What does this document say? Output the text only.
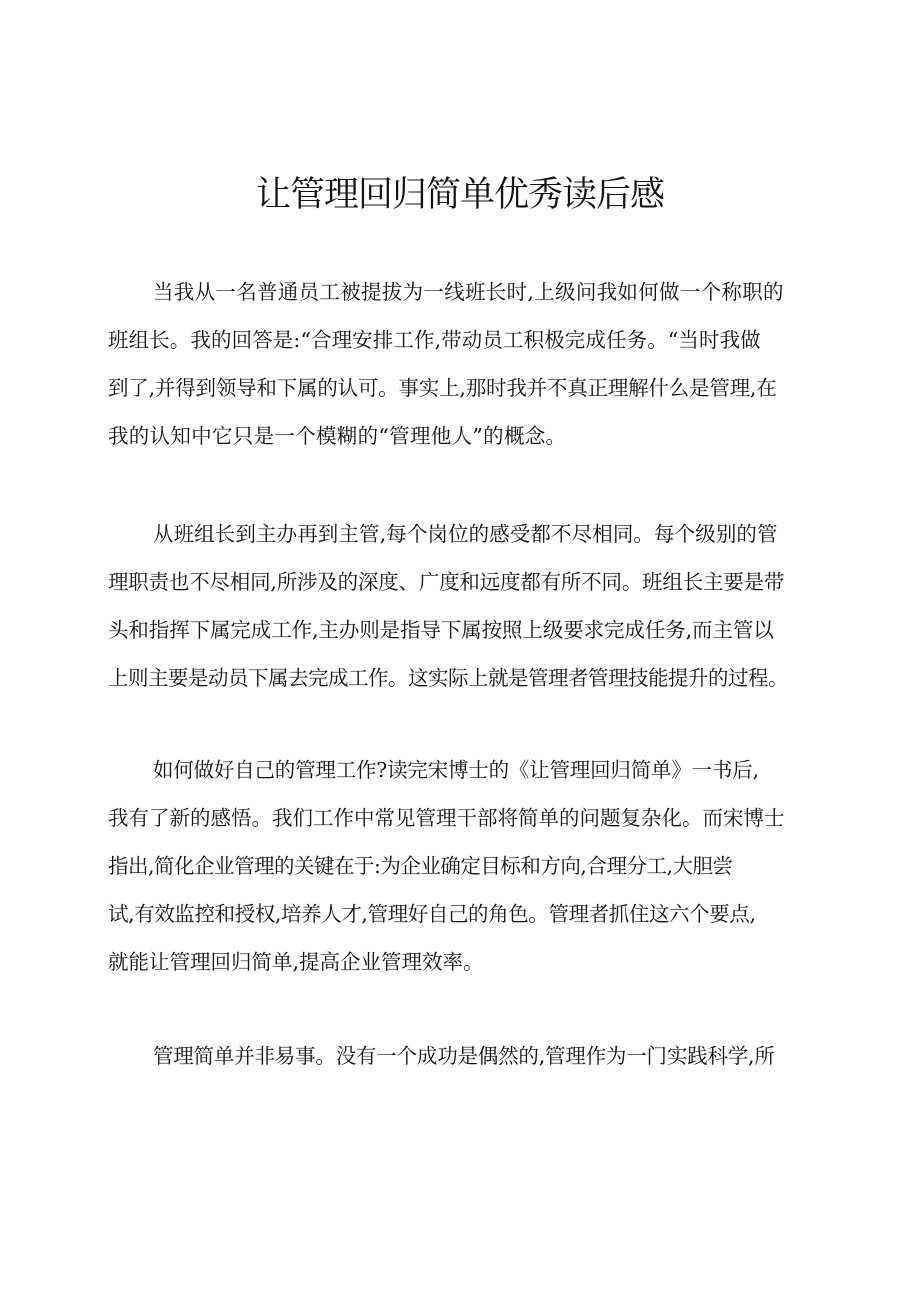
让管理回归简单优秀读后感
当我从一名普通员工被提拔为一线班长时,上级问我如何做一个称职的
班组长。我的回答是:“合理安排工作,带动员工积极完成任务。“当时我做
到了,并得到领导和下属的认可。事实上,那时我并不真正理解什么是管理,在
我的认知中它只是一个模糊的“管理他人”的概念。
从班组长到主办再到主管,每个岗位的感受都不尽相同。每个级别的管
理职责也不尽相同,所涉及的深度、广度和远度都有所不同。班组长主要是带
头和指挥下属完成工作,主办则是指导下属按照上级要求完成任务,而主管以
上则主要是动员下属去完成工作。这实际上就是管理者管理技能提升的过程。
如何做好自己的管理工作?读完宋博士的《让管理回归简单》一书后,
我有了新的感悟。我们工作中常见管理干部将简单的问题复杂化。而宋博士
指出,简化企业管理的关键在于:为企业确定目标和方向,合理分工,大胆尝
试,有效监控和授权,培养人才,管理好自己的角色。管理者抓住这六个要点,
就能让管理回归简单,提高企业管理效率。
管理简单并非易事。没有一个成功是偶然的,管理作为一门实践科学,所
